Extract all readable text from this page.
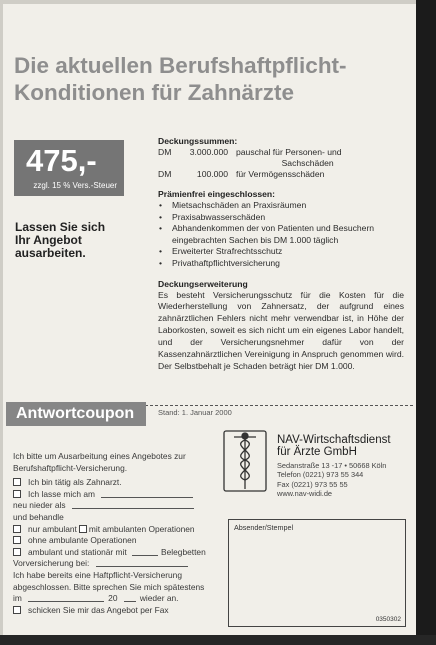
Die aktuellen Berufshaftpflicht-
Konditionen für Zahnärzte
475,-
zzgl. 15 % Vers.-Steuer
Lassen Sie sich
Ihr Angebot
ausarbeiten.
Deckungssummen:
DM	3.000.000 pauschal für Personen- und
Sachschäden
DM	100.000 für Vermögensschäden
Prämienfrei eingeschlossen:
• Mietsachschäden an Praxisräumen
• Praxisabwasserschäden
• Abhandenkommen der von Patienten und Besuchern eingebrachten Sachen bis DM 1.000 täglich
• Erweiterter Strafrechtsschutz
• Privathaftpflichtversicherung
Deckungserweiterung

Es besteht Versicherungsschutz für die Kosten für die Wiederherstellung von Zahnersatz, der aufgrund eines zahnärztlichen Fehlers nicht mehr verwendbar ist, in Höhe der Laborkosten, soweit es sich nicht um ein eigenes Labor handelt, und der Versicherungsnehmer dafür von der Kassenzahnärztlichen Vereinigung in Anspruch genommen wird. Der Selbstbehalt je Schaden beträgt hier DM 1.000.

Antwortcoupon	Stand: 1. Januar 2000
NAV-Wirtschaftsdienst
für Ärzte GmbH
Sedanstraße 13 -17 • 50668 Köln
Telefon (0221) 973 55 344
Fax (0221) 973 55 55
www.nav-widi.de
Ich bitte um Ausarbeitung eines Angebotes zur
Berufshaftpflicht-Versicherung.
Ich bin tätig als Zahnarzt.
Ich lasse mich am
neu nieder als
und behandle
nur ambulant mit ambulanten Operationen
ohne ambulante Operationen
ambulant und stationär mit	Belegbetten
Vorversicherung bei:
Ich habe bereits eine Haftpflicht-Versicherung
abgeschlossen. Bitte sprechen Sie mich spätestens
im	20	wieder an.
schicken Sie mir das Angebot per Fax
Absender/Stempel
0350302
